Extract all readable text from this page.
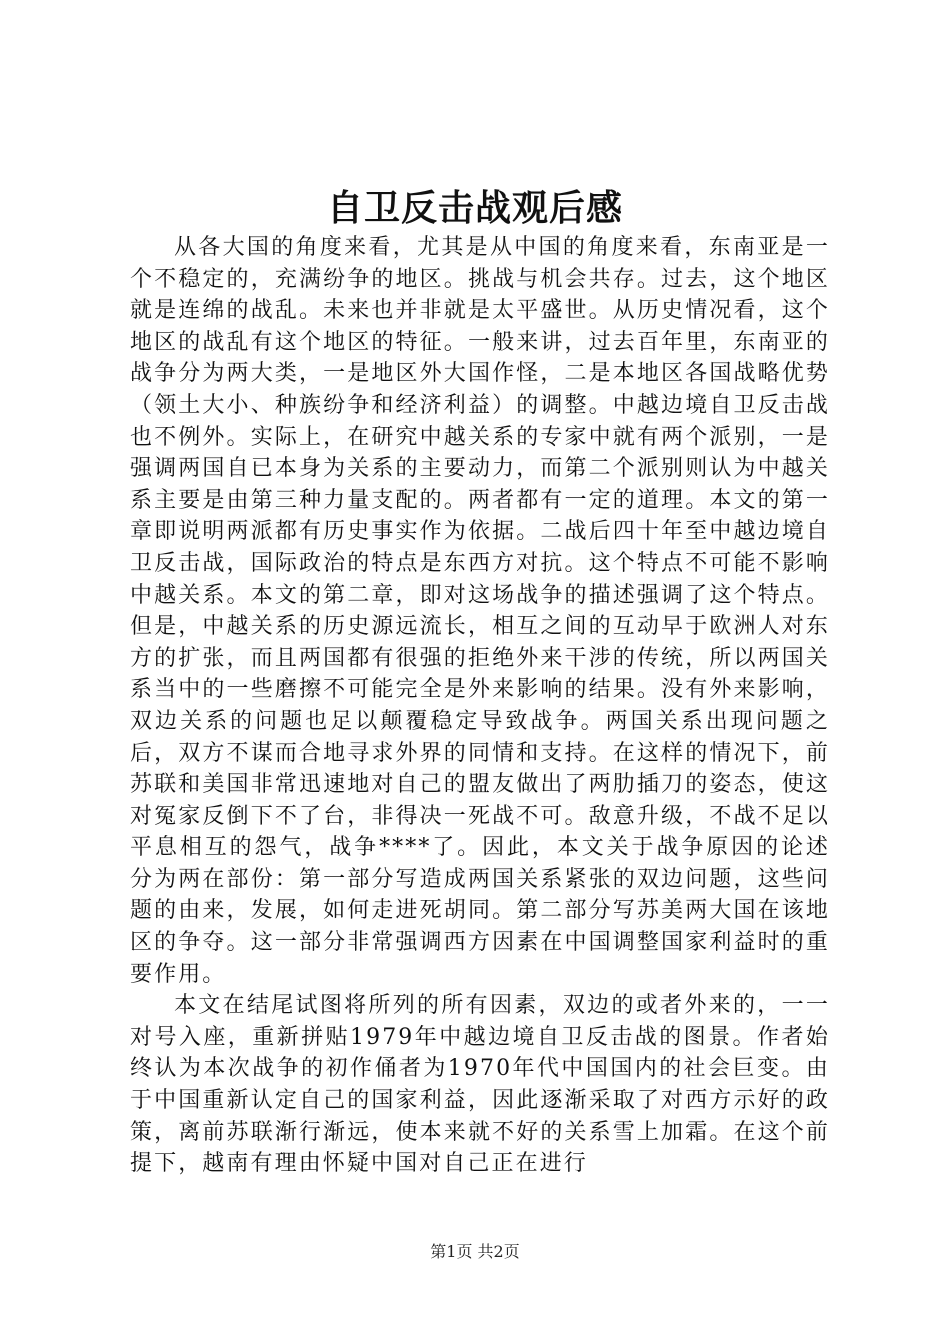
自卫反击战观后感

从各大国的角度来看，尤其是从中国的角度来看，东南亚是一个不稳定的，充满纷争的地区。挑战与机会共存。过去，这个地区就是连绵的战乱。未来也并非就是太平盛世。从历史情况看，这个地区的战乱有这个地区的特征。一般来讲，过去百年里，东南亚的战争分为两大类，一是地区外大国作怪，二是本地区各国战略优势（领土大小、种族纷争和经济利益）的调整。中越边境自卫反击战也不例外。实际上，在研究中越关系的专家中就有两个派别，一是强调两国自已本身为关系的主要动力，而第二个派别则认为中越关系主要是由第三种力量支配的。两者都有一定的道理。本文的第一章即说明两派都有历史事实作为依据。二战后四十年至中越边境自卫反击战，国际政治的特点是东西方对抗。这个特点不可能不影响中越关系。本文的第二章，即对这场战争的描述强调了这个特点。但是，中越关系的历史源远流长，相互之间的互动早于欧洲人对东方的扩张，而且两国都有很强的拒绝外来干涉的传统，所以两国关系当中的一些磨擦不可能完全是外来影响的结果。没有外来影响，双边关系的问题也足以颠覆稳定导致战争。两国关系出现问题之后，双方不谋而合地寻求外界的同情和支持。在这样的情况下，前苏联和美国非常迅速地对自己的盟友做出了两肋插刀的姿态，使这对冤家反倒下不了台，非得决一死战不可。敌意升级，不战不足以平息相互的怨气，战争****了。因此，本文关于战争原因的论述分为两在部份：第一部分写造成两国关系紧张的双边问题，这些问题的由来，发展，如何走进死胡同。第二部分写苏美两大国在该地区的争夺。这一部分非常强调西方因素在中国调整国家利益时的重要作用。

本文在结尾试图将所列的所有因素，双边的或者外来的，一一对号入座，重新拼贴1979年中越边境自卫反击战的图景。作者始终认为本次战争的初作俑者为1970年代中国国内的社会巨变。由于中国重新认定自己的国家利益，因此逐渐采取了对西方示好的政策，离前苏联渐行渐远，使本来就不好的关系雪上加霜。在这个前提下，越南有理由怀疑中国对自己正在进行

第1页 共2页
